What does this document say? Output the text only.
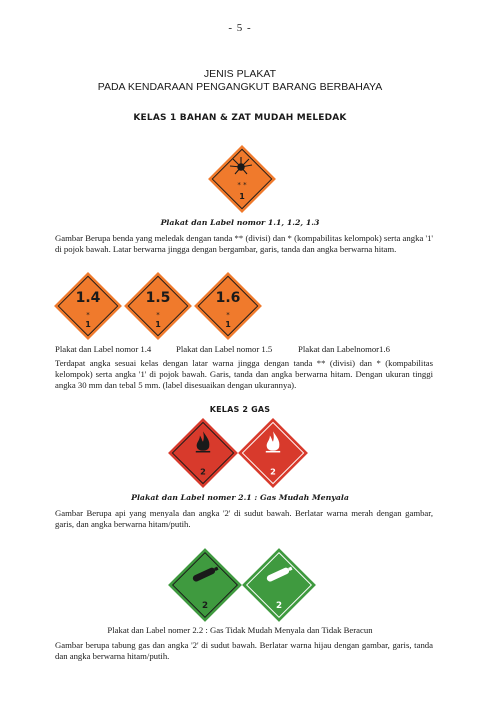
- 5 -
JENIS PLAKAT
PADA KENDARAAN PENGANGKUT BARANG BERBAHAYA
KELAS 1 BAHAN & ZAT MUDAH MELEDAK
* *
1
Plakat dan Label nomor 1.1, 1.2, 1.3
Gambar Berupa benda yang meledak dengan tanda ** (divisi) dan * (kompabilitas kelompok) serta angka '1' di pojok bawah. Latar berwarna jingga dengan bergambar, garis, tanda dan angka berwarna hitam.
1.4
*
1
1.5
*
1
1.6
*
1
Plakat dan Label nomor 1.4	Plakat dan Label nomor 1.5	Plakat dan Labelnomor1.6
Terdapat angka sesuai kelas dengan latar warna jingga dengan tanda ** (divisi) dan * (kompabilitas kelompok) serta angka '1' di pojok bawah. Garis, tanda dan angka berwarna hitam. Dengan ukuran tinggi angka 30 mm dan tebal 5 mm. (label disesuaikan dengan ukurannya).
KELAS 2 GAS
2	2
Plakat dan Label nomer 2.1 : Gas Mudah Menyala
Gambar Berupa api yang menyala dan angka '2' di sudut bawah. Berlatar warna merah dengan gambar, garis, dan angka berwarna hitam/putih.
2	2
Plakat dan Label nomer 2.2 : Gas Tidak Mudah Menyala dan Tidak Beracun
Gambar berupa tabung gas dan angka '2' di sudut bawah. Berlatar warna hijau dengan gambar, garis, tanda dan angka berwarna hitam/putih.
